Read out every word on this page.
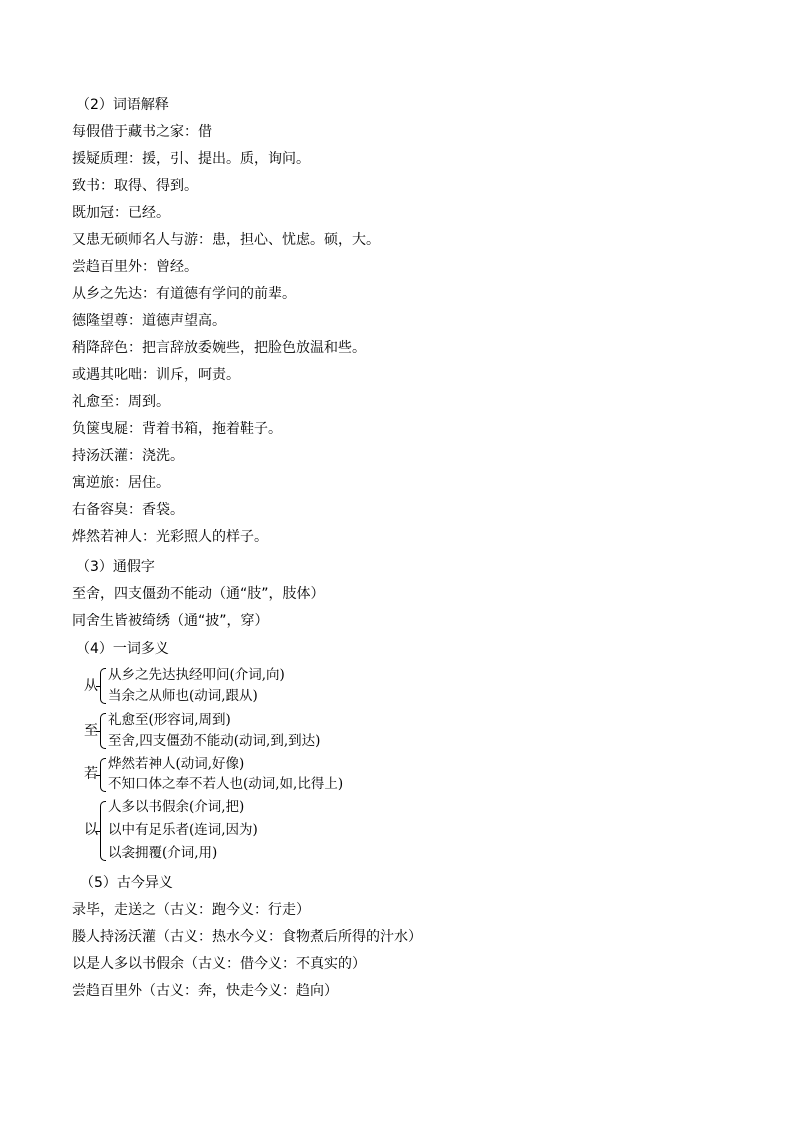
（2）词语解释
每假借于藏书之家：借
援疑质理：援，引、提出。质，询问。
致书：取得、得到。
既加冠：已经。
又患无硕师名人与游：患，担心、忧虑。硕，大。
尝趋百里外：曾经。
从乡之先达：有道德有学问的前辈。
德隆望尊：道德声望高。
稍降辞色：把言辞放委婉些，把脸色放温和些。
或遇其叱咄：训斥，呵责。
礼愈至：周到。
负箧曳屣：背着书箱，拖着鞋子。
持汤沃灌：浇洗。
寓逆旅：居住。
右备容臭：香袋。
烨然若神人：光彩照人的样子。
（3）通假字
至舍，四支僵劲不能动（通“肢”，肢体）
同舍生皆被绮绣（通“披”，穿）
（4）一词多义
从
从乡之先达执经叩问(介词,向)
当余之从师也(动词,跟从)
至
礼愈至(形容词,周到)
至舍,四支僵劲不能动(动词,到,到达)
若
烨然若神人(动词,好像)
不知口体之奉不若人也(动词,如,比得上)
以
人多以书假余(介词,把)
以中有足乐者(连词,因为)
以衾拥覆(介词,用)
（5）古今异义
录毕，走送之（古义：跑今义：行走）
媵人持汤沃灌（古义：热水今义：食物煮后所得的汁水）
以是人多以书假余（古义：借今义：不真实的）
尝趋百里外（古义：奔，快走今义：趋向）
